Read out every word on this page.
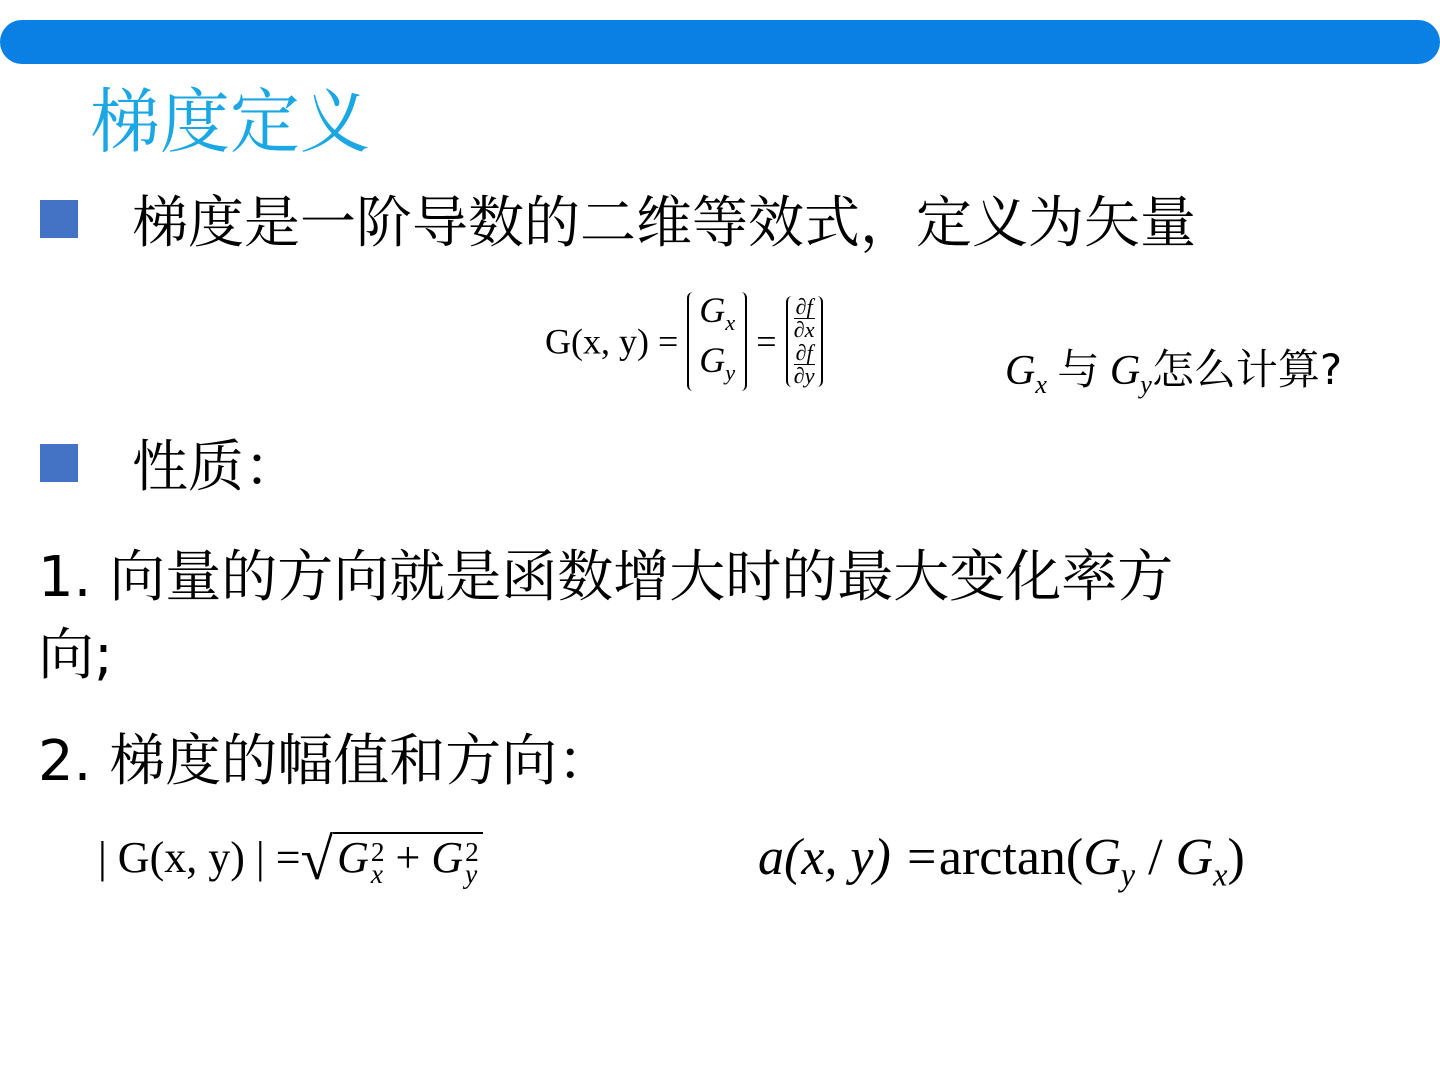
梯度定义
梯度是一阶导数的二维等效式，定义为矢量
G(x, y) =
$G_x$
$G_y$
= $\frac{\partial f}{\partial x}$
$\frac{\partial f}{\partial y}$	$G_x$ 与 $G_y$怎么计算?
性质：
1. 向量的方向就是函数增大时的最大变化率方
向;
2. 梯度的幅值和方向：
| G(x, y) | =√G 2
x + G 2
y	a(x, $y) =\arctan(G_y / G_x)$
